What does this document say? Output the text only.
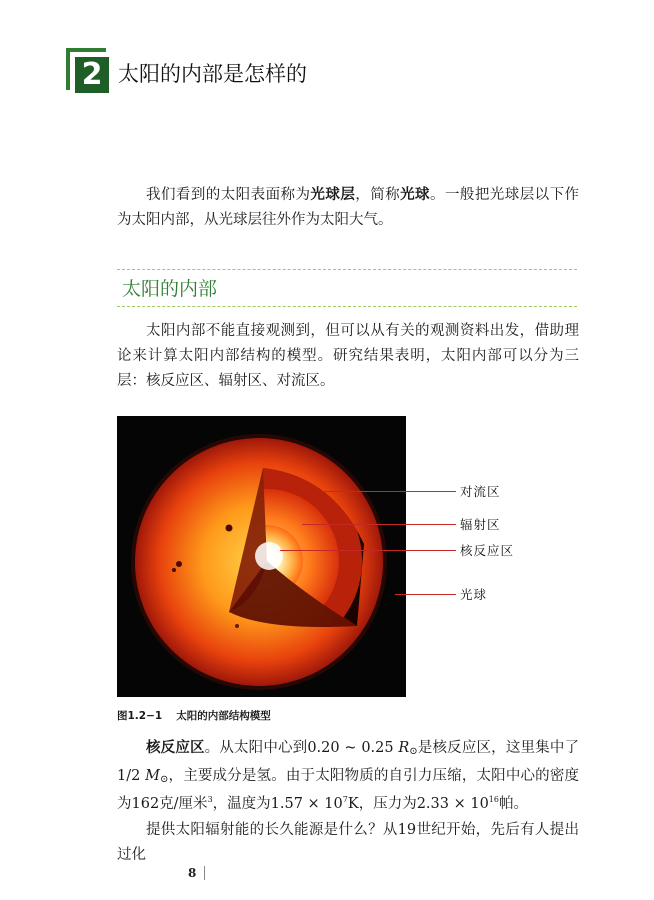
2 太阳的内部是怎样的

我们看到的太阳表面称为光球层，简称光球。一般把光球层以下作为太阳内部，从光球层往外作为太阳大气。

太阳的内部

太阳内部不能直接观测到，但可以从有关的观测资料出发，借助理论来计算太阳内部结构的模型。研究结果表明，太阳内部可以分为三层：核反应区、辐射区、对流区。

对流区
辐射区
核反应区
光球
图1.2−1 太阳的内部结构模型

核反应区。从太阳中心到0.20 ~ 0.25 R⊙是核反应区，这里集中了1/2 M⊙，主要成分是氢。由于太阳物质的自引力压缩，太阳中心的密度为162克/厘米$^3$，温度为$1.57 \times 10^7K$，压力为$2.33 \times 10^{16}$帕。

提供太阳辐射能的长久能源是什么？从19世纪开始，先后有人提出过化

8
